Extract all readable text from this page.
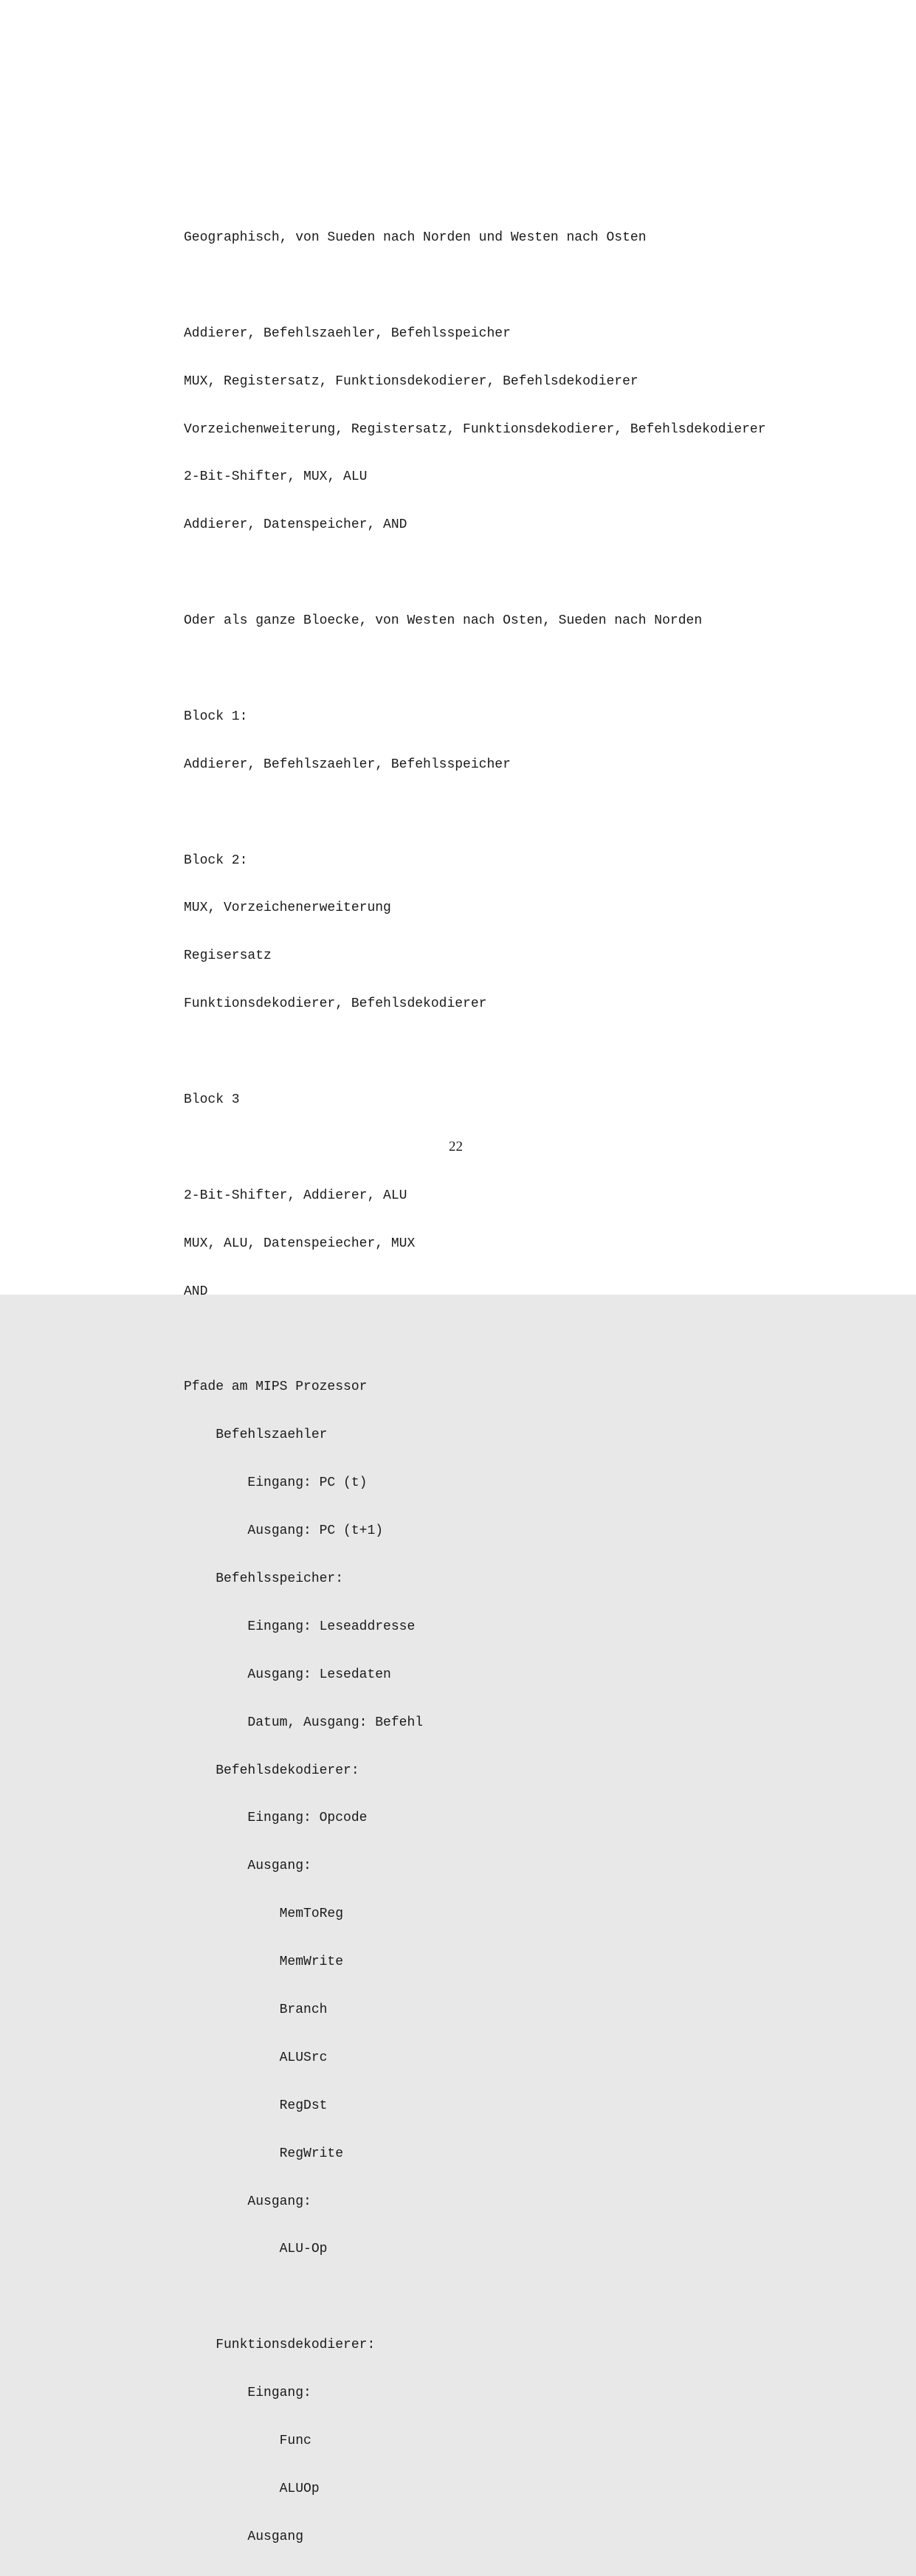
Geographisch, von Sueden nach Norden und Westen nach Osten

Addierer, Befehlszaehler, Befehlsspeicher

MUX, Registersatz, Funktionsdekodierer, Befehlsdekodierer

Vorzeichenweiterung, Registersatz, Funktionsdekodierer, Befehlsdekodierer

2-Bit-Shifter, MUX, ALU

Addierer, Datenspeicher, AND

Oder als ganze Bloecke, von Westen nach Osten, Sueden nach Norden

Block 1:

Addierer, Befehlszaehler, Befehlsspeicher

Block 2:

MUX, Vorzeichenerweiterung

Regisersatz

Funktionsdekodierer, Befehlsdekodierer

Block 3

2-Bit-Shifter, Addierer, ALU

MUX, ALU, Datenspeiecher, MUX

AND

Pfade am MIPS Prozessor

Befehlszaehler

Eingang: PC (t)

Ausgang: PC (t+1)

Befehlsspeicher:

Eingang: Leseaddresse

Ausgang: Lesedaten

Datum, Ausgang: Befehl

Befehlsdekodierer:

Eingang: Opcode

Ausgang:

MemToReg

MemWrite

Branch

ALUSrc

RegDst

RegWrite

Ausgang:

ALU-Op

Funktionsdekodierer:

Eingang:

Func

ALUOp

Ausgang

22
